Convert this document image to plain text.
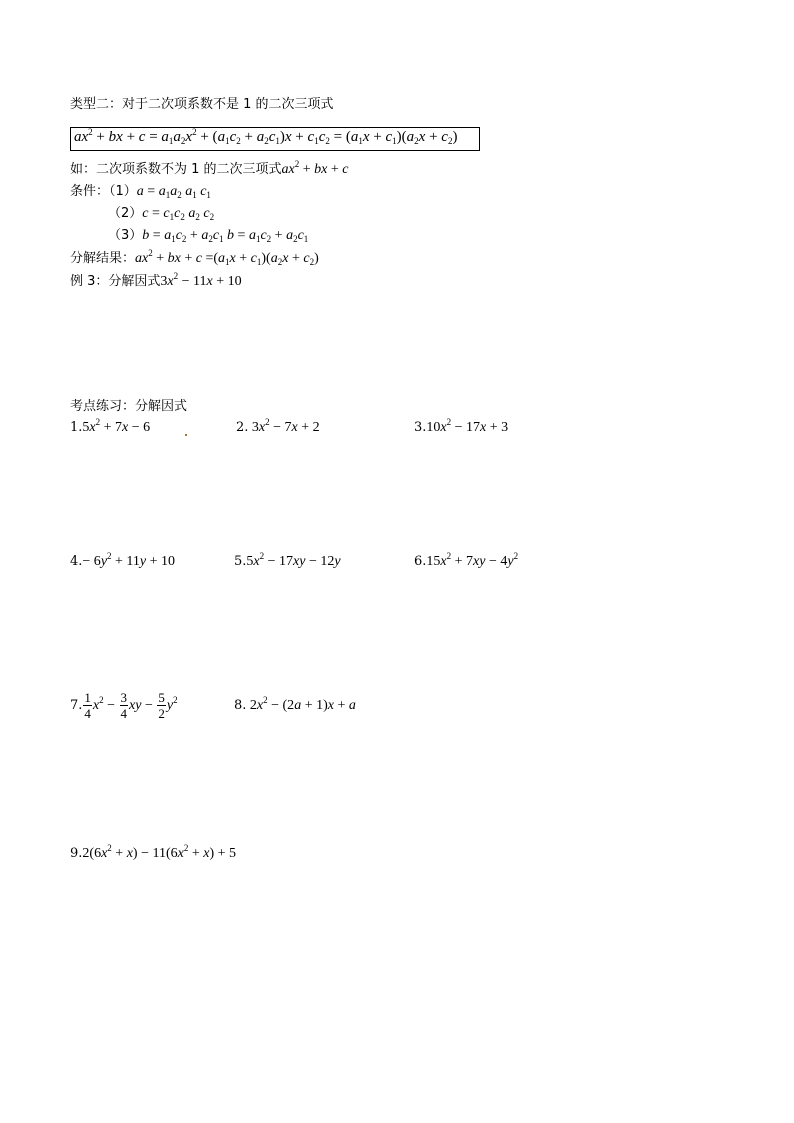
类型二：对于二次项系数不是 1 的二次三项式
$ax^2$ + bx + $c = a_1a_2x^2 + (a_1c_2 + a_2c_1)x + c_1c_2 = (a_1x + c_1)(a_2x + c_2)$
如：二次项系数不为 1 的二次三项式$ax^2$ + bx + c
条件：$(1)a = a_1a_2$ $a_1$ $c_1$
$(2)c = c_1c_2$ $a_2$ $c_2$
$(3)b = a_1c_2 + a_2c_1$ $b = a_1c_2 + a_2c_1$
分解结果：$ax^2$ + bx + $c =(a_1x + c_1)(a_2x + c_2)$
例 3：分解因式$3x^2 - 11x + 10$
考点练习：分解因式
$1.5x^2 + 7x - 6$	2. $3x^2 - 7x + 2$	$3.10x^2 - 17x + 3$
$4.- 6y^2 + 11y + 10$	$5.5x^2 - 17xy - 12y$	$6.15x^2 + 7xy - 4y^2$
7. $\frac{1}{4} x^2 - \frac{3}{4}$ xy − $\frac{5}{2} y^2$	8. $2x^2 - (2a + 1)x + a$
$9.2(6x^2 + x) - 11(6x^2 + x) + 5$
